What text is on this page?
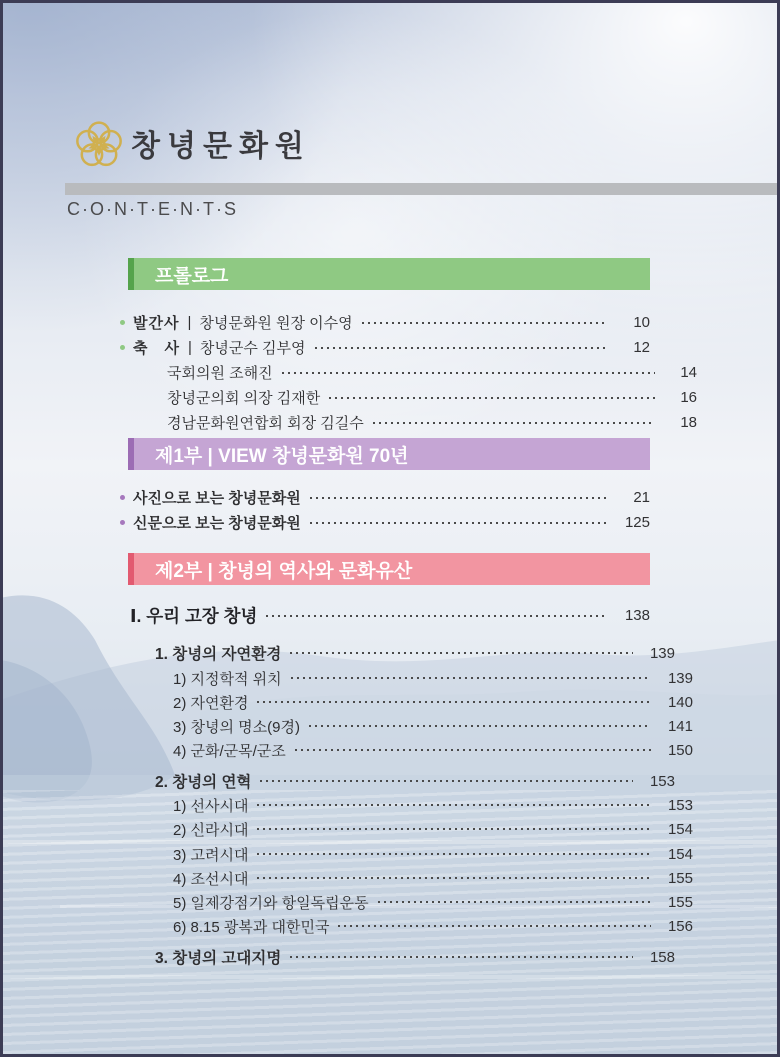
창녕문화원
C·O·N·T·E·N·T·S
프롤로그
발간사 | 창녕문화원 원장 이수영	10
축　사 | 창녕군수 김부영	12
국회의원 조해진	14
창녕군의회 의장 김재한	16
경남문화원연합회 회장 김길수	18
제1부 | VIEW 창녕문화원 70년
사진으로 보는 창녕문화원	21
신문으로 보는 창녕문화원	125
제2부 | 창녕의 역사와 문화유산
Ⅰ. 우리 고장 창녕	138
1. 창녕의 자연환경	139
1) 지정학적 위치	139
2) 자연환경	140
3) 창녕의 명소(9경)	141
4) 군화/군목/군조	150
2. 창녕의 연혁	153
1) 선사시대	153
2) 신라시대	154
3) 고려시대	154
4) 조선시대	155
5) 일제강점기와 항일독립운동	155
6) 8.15 광복과 대한민국	156
3. 창녕의 고대지명	158
